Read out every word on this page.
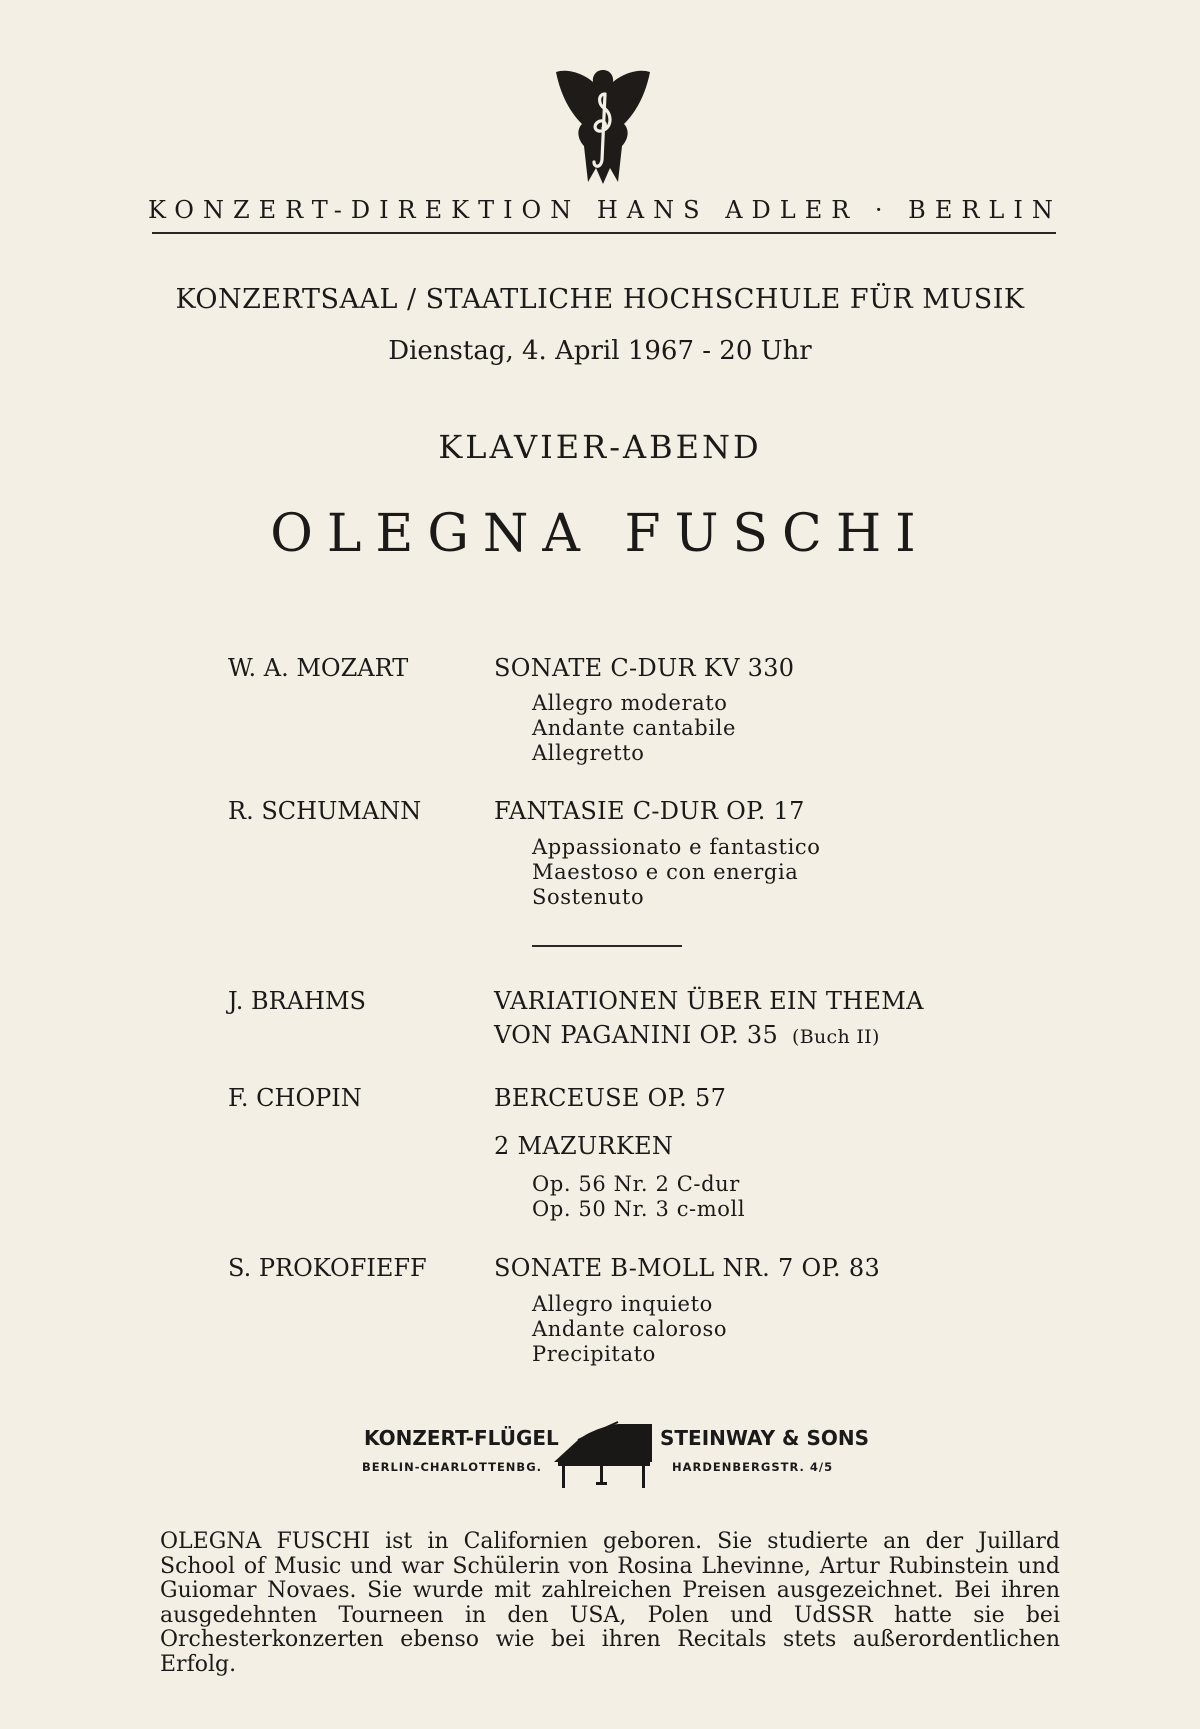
KONZERT-DIREKTION HANS ADLER · BERLIN
KONZERTSAAL / STAATLICHE HOCHSCHULE FÜR MUSIK
Dienstag, 4. April 1967 - 20 Uhr
KLAVIER-ABEND
OLEGNA FUSCHI
W. A. MOZART	SONATE C-DUR KV 330
Allegro moderato
Andante cantabile
Allegretto
R. SCHUMANN	FANTASIE C-DUR OP. 17
Appassionato e fantastico
Maestoso e con energia
Sostenuto
J. BRAHMS	VARIATIONEN ÜBER EIN THEMA
VON PAGANINI OP. 35 (Buch II)
F. CHOPIN	BERCEUSE OP. 57
2 MAZURKEN
Op. 56 Nr. 2 C-dur
Op. 50 Nr. 3 c-moll
S. PROKOFIEFF	SONATE B-MOLL NR. 7 OP. 83
Allegro inquieto
Andante caloroso
Precipitato
KONZERT-FLÜGEL
BERLIN-CHARLOTTENBG.
STEINWAY & SONS
HARDENBERGSTR. 4/5
OLEGNA FUSCHI ist in Californien geboren. Sie studierte an der Juillard School of Music und war Schülerin von Rosina Lhevinne, Artur Rubinstein und Guiomar Novaes. Sie wurde mit zahlreichen Preisen ausgezeichnet. Bei ihren ausgedehnten Tourneen in den USA, Polen und UdSSR hatte sie bei Orchesterkonzerten ebenso wie bei ihren Recitals stets außerordentlichen Erfolg.
